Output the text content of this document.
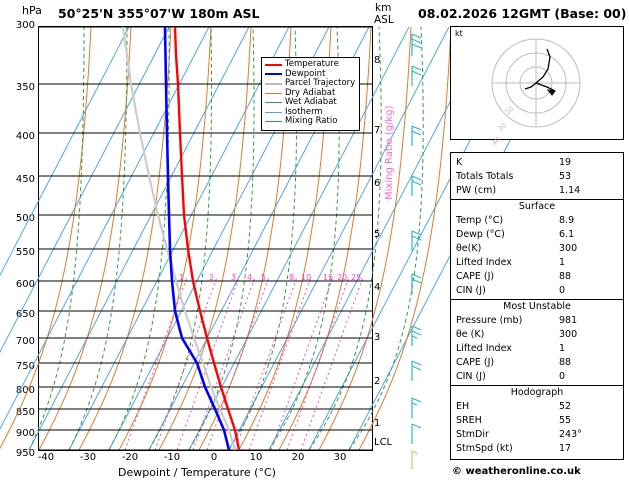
hPa 50°25'N 355°07'W 180m ASL	km
ASL 08.02.2026 12GMT (Base: 00)
300
350
400
450
500
550
600
650
700
750
800
850
900
950
1	2 3 4 5	8 10 15 20 25
Temperature
Dewpoint
Parcel Trajectory
Dry Adiabat
Wet Adiabat
Isotherm
Mixing Ratio
-40	-30	-20	-10	0	10	20	30
Dewpoint / Temperature (°C)
8
7
6
5
4
3
2
1
LCL
Mixing Ratio (g/kg)
kt
20
30
40
K	19
Totals Totals	53
PW (cm)	1.14
Surface
Temp (°C)	8.9
Dewp (°C)	6.1
θe(K)	300
Lifted Index	1
CAPE (J)	88
CIN (J)	0
Most Unstable
Pressure (mb)	981
θe (K)	300
Lifted Index	1
CAPE (J)	88
CIN (J)	0
Hodograph
EH	52
SREH	55
StmDir	243°
StmSpd (kt)	17
© weatheronline.co.uk
